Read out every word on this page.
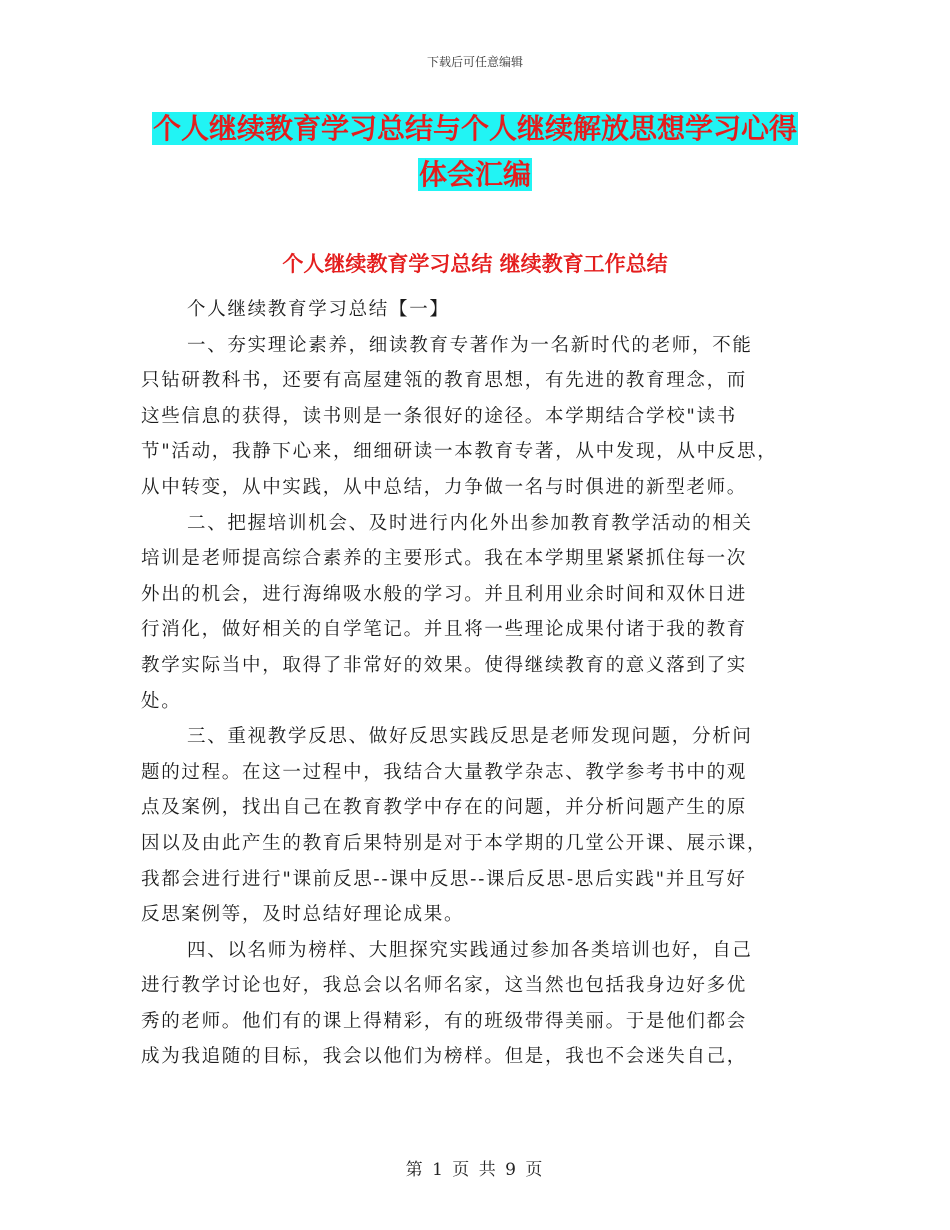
下载后可任意编辑
个人继续教育学习总结与个人继续解放思想学习心得
体会汇编
个人继续教育学习总结 继续教育工作总结
个人继续教育学习总结【一】
一、夯实理论素养，细读教育专著作为一名新时代的老师，不能
只钻研教科书，还要有高屋建瓴的教育思想，有先进的教育理念，而
这些信息的获得，读书则是一条很好的途径。本学期结合学校"读书
节"活动，我静下心来，细细研读一本教育专著，从中发现，从中反思，
从中转变，从中实践，从中总结，力争做一名与时俱进的新型老师。
二、把握培训机会、及时进行内化外出参加教育教学活动的相关
培训是老师提高综合素养的主要形式。我在本学期里紧紧抓住每一次
外出的机会，进行海绵吸水般的学习。并且利用业余时间和双休日进
行消化，做好相关的自学笔记。并且将一些理论成果付诸于我的教育
教学实际当中，取得了非常好的效果。使得继续教育的意义落到了实
处。
三、重视教学反思、做好反思实践反思是老师发现问题，分析问
题的过程。在这一过程中，我结合大量教学杂志、教学参考书中的观
点及案例，找出自己在教育教学中存在的问题，并分析问题产生的原
因以及由此产生的教育后果特别是对于本学期的几堂公开课、展示课，
我都会进行进行"课前反思--课中反思--课后反思-思后实践"并且写好
反思案例等，及时总结好理论成果。
四、以名师为榜样、大胆探究实践通过参加各类培训也好，自己
进行教学讨论也好，我总会以名师名家，这当然也包括我身边好多优
秀的老师。他们有的课上得精彩，有的班级带得美丽。于是他们都会
成为我追随的目标，我会以他们为榜样。但是，我也不会迷失自己，
第 1 页 共 9 页
